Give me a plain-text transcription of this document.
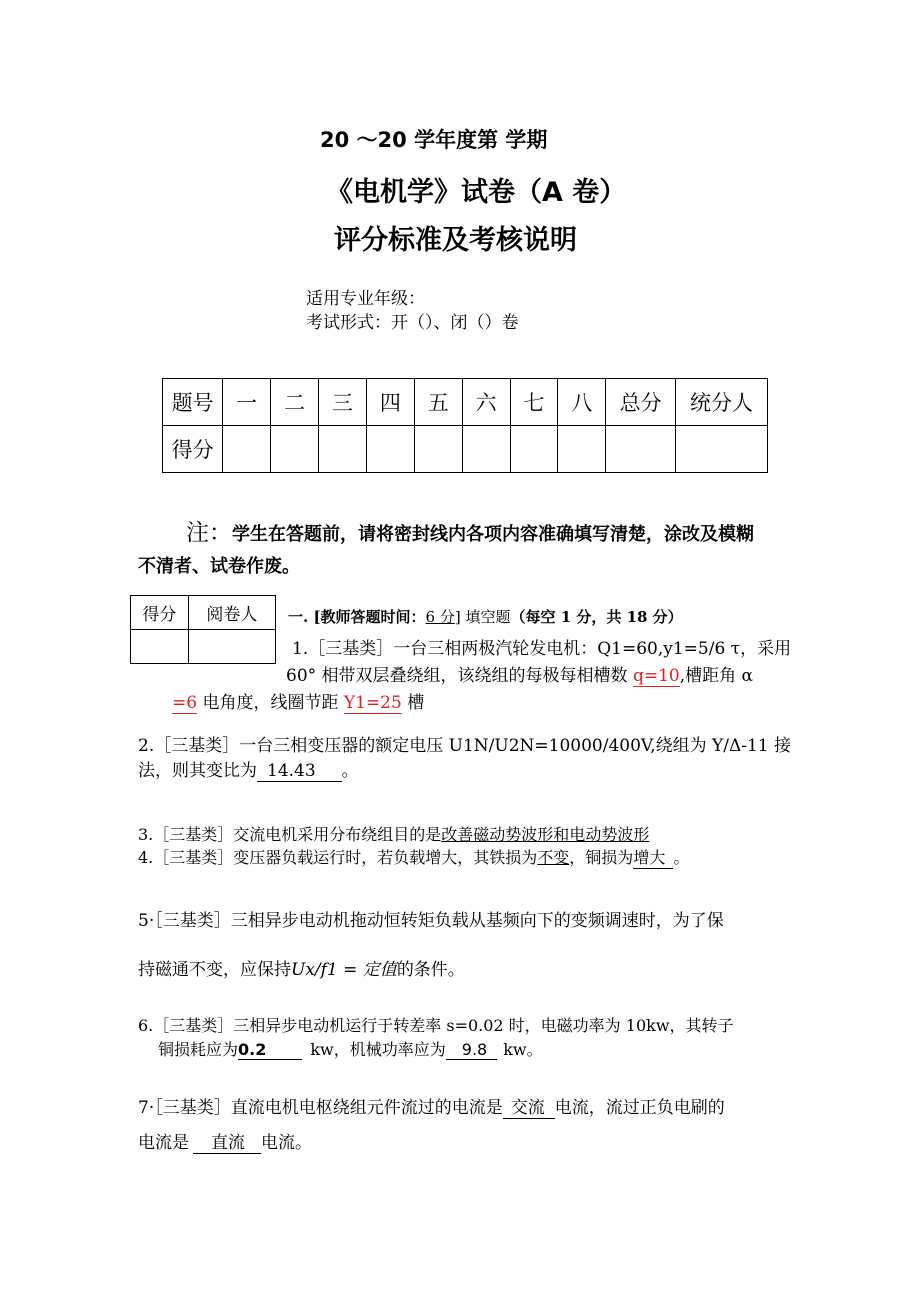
20 ～20 学年度第 学期
《电机学》试卷（A 卷）
评分标准及考核说明
适用专业年级：
考试形式：开（）、闭（）卷
题号	一	二	三	四	五	六	七	八	总分	统分人
得分										
注：学生在答题前，请将密封线内各项内容准确填写清楚，涂改及模糊
不清者、试卷作废。
得分	阅卷人
	一. [教师答题时间：6 分] 填空题（每空 1 分，共 18 分）
1.［三基类］一台三相两极汽轮发电机：Q1=60,y1=5/6 τ，采用
60° 相带双层叠绕组，该绕组的每极每相槽数 q=10,槽距角 α
=6 电角度，线圈节距 Y1=25 槽
2.［三基类］一台三相变压器的额定电压 U1N/U2N=10000/400V,绕组为 Y/Δ-11 接
法，则其变比为 14.43 。
3.［三基类］交流电机采用分布绕组目的是改善磁动势波形和电动势波形
4.［三基类］变压器负载运行时，若负载增大，其铁损为不变，铜损为增大 。
5·［三基类］三相异步电动机拖动恒转矩负载从基频向下的变频调速时，为了保
持磁通不变，应保持Ux/f1 = 定值的条件。
6.［三基类］三相异步电动机运行于转差率 s=0.02 时，电磁功率为 10kw，其转子
铜损耗应为0.2	kw，机械功率应为 9.8 kw。
7·［三基类］直流电机电枢绕组元件流过的电流是 交流 电流，流过正负电刷的
电流是 直流 电流。
